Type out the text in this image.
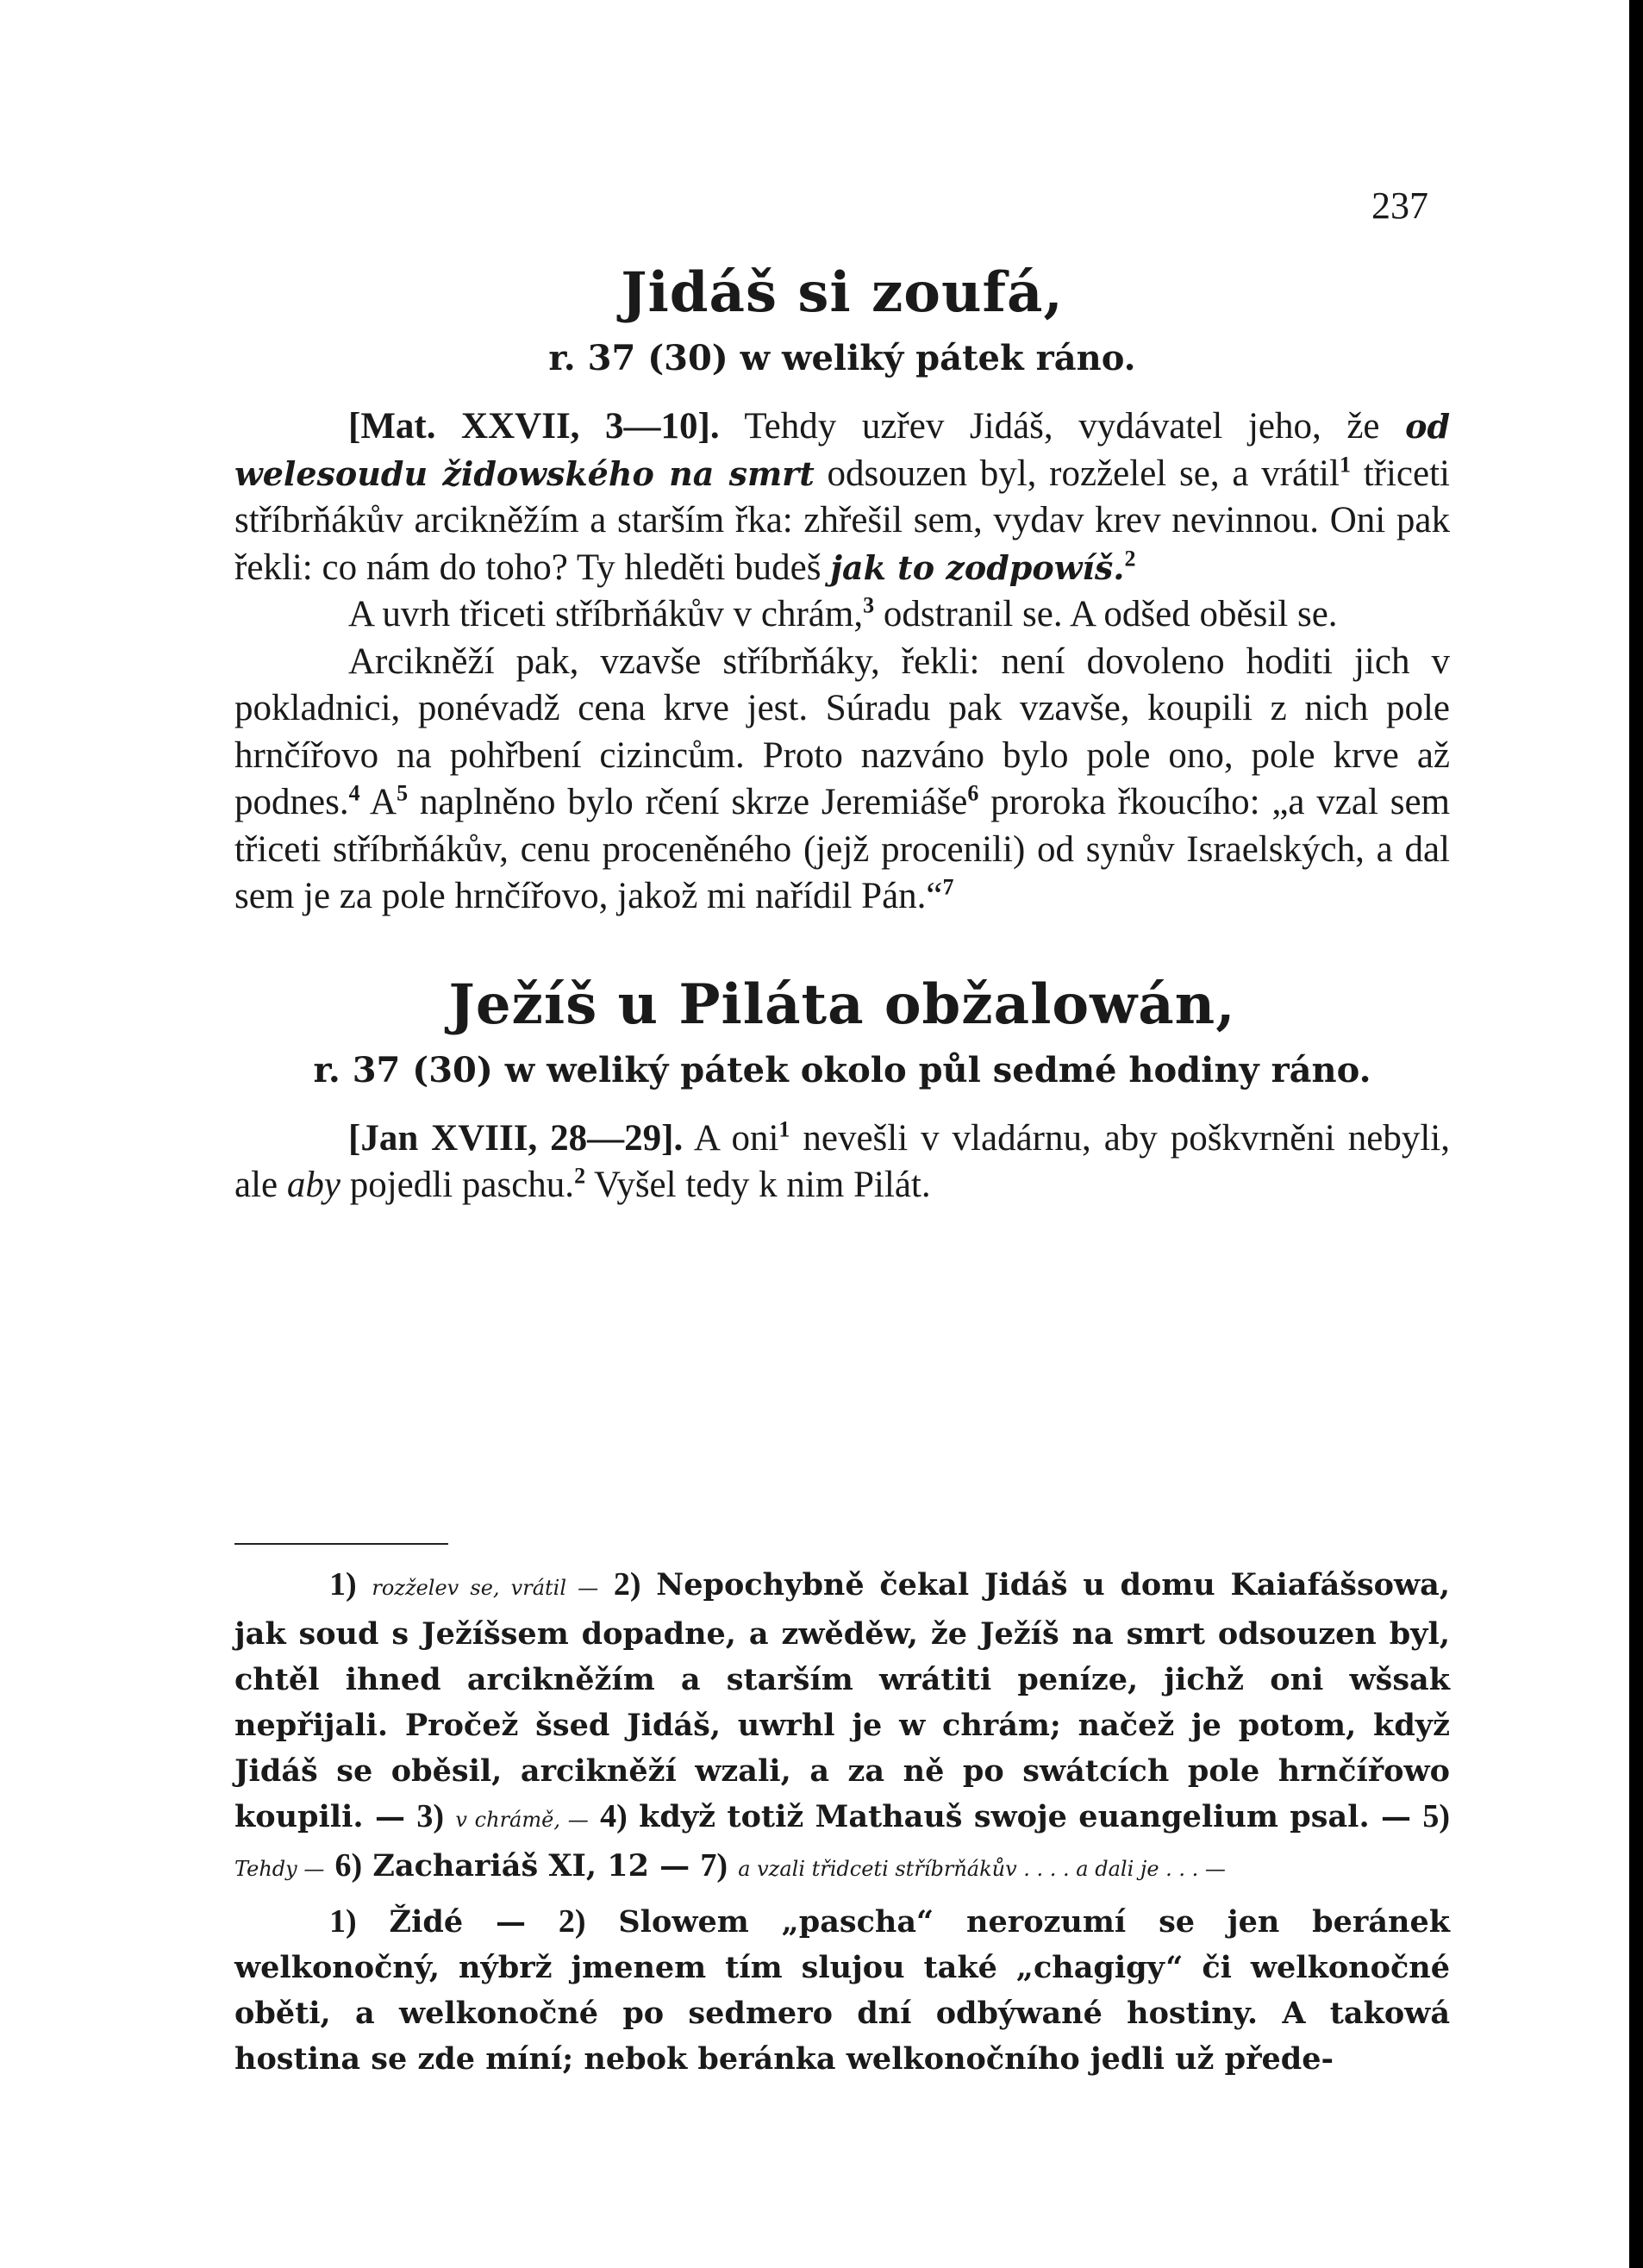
237
Jidáš si zoufá,
r. 37 (30) w weliký pátek ráno.

[Mat. XXVII, 3—10]. Tehdy uzřev Jidáš, vydávatel jeho, že od welesoudu židowského na smrt odsouzen byl, rozželel se, a vrátil$^1$ třiceti stříbrňákův arcikněžím a starším řka: zhřešil sem, vydav krev nevinnou. Oni pak řekli: co nám do toho? Ty hleděti budeš jak to zodpowíš.$^2$

A uvrh třiceti stříbrňákův v chrám,$^3$ odstranil se. A odšed oběsil se.

Arcikněží pak, vzavše stříbrňáky, řekli: není dovoleno hoditi jich v pokladnici, ponévadž cena krve jest. Súradu pak vzavše, koupili z nich pole hrnčířovo na pohřbení cizincům. Proto nazváno bylo pole ono, pole krve až podnes.$^4$ $A^5$ naplněno bylo rčení skrze Jeremiáše$^6$ proroka řkoucího: „a vzal sem třiceti stříbrňákův, cenu proceněného (jejž procenili) od synův Israelských, a dal sem je za pole hrnčířovo, jakož mi nařídil Pán.“$^7$

Ježíš u Piláta obžalowán,
r. 37 (30) w weliký pátek okolo půl sedmé hodiny ráno.

[Jan XVIII, 28—29]. A oni$^1$ nevešli v vladárnu, aby poškvrněni nebyli, ale aby pojedli paschu.$^2$ Vyšel tedy k nim Pilát.

1) rozželev se, vrátil — 2) Nepochybně čekal Jidáš u domu Kaiafášsowa, jak soud s Ježíšsem dopadne, a zwěděw, že Ježíš na smrt odsouzen byl, chtěl ihned arcikněžím a starším wrátiti peníze, jichž oni wšsak nepřijali. Pročež šsed Jidáš, uwrhl je w chrám; načež je potom, když Jidáš se oběsil, arcikněží wzali, a za ně po swátcích pole hrnčířowo koupili. — 3) v chrámě, — 4) když totiž Mathauš swoje euangelium psal. — 5) Tehdy — 6) Zachariáš XI, 12 — 7) a vzali třidceti stříbrňákův . . . . a dali je . . . —

1) Židé — 2) Slowem „pascha“ nerozumí se jen beránek welkonočný, nýbrž jmenem tím slujou také „chagigy“ či welkonočné oběti, a welkonočné po sedmero dní odbýwané hostiny. A takowá hostina se zde míní; nebok beránka welkonočního jedli už přede-
